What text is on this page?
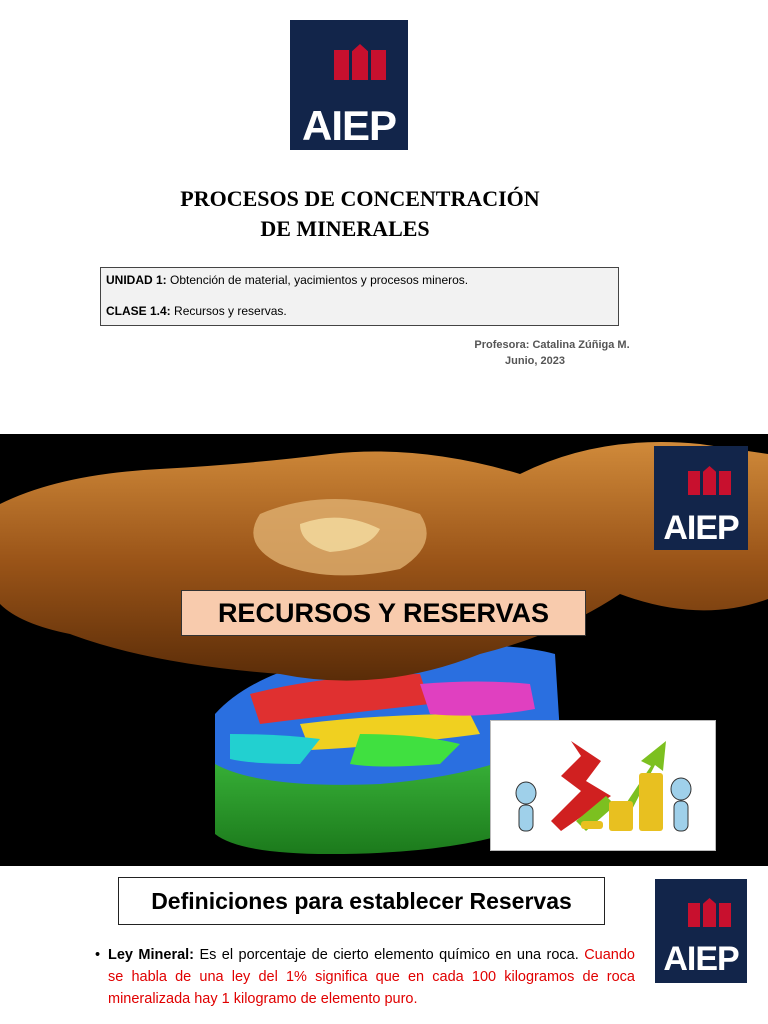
AIEP
PROCESOS DE CONCENTRACIÓN
DE MINERALES
UNIDAD 1: Obtención de material, yacimientos y procesos mineros.
CLASE 1.4: Recursos y reservas.
Profesora: Catalina Zúñiga M.
Junio, 2023
AIEP
RECURSOS Y RESERVAS
Definiciones para establecer Reservas
AIEP
• Ley Mineral: Es el porcentaje de cierto elemento químico en una roca. Cuando se habla de una ley del 1% significa que en cada 100 kilogramos de roca mineralizada hay 1 kilogramo de elemento puro.
